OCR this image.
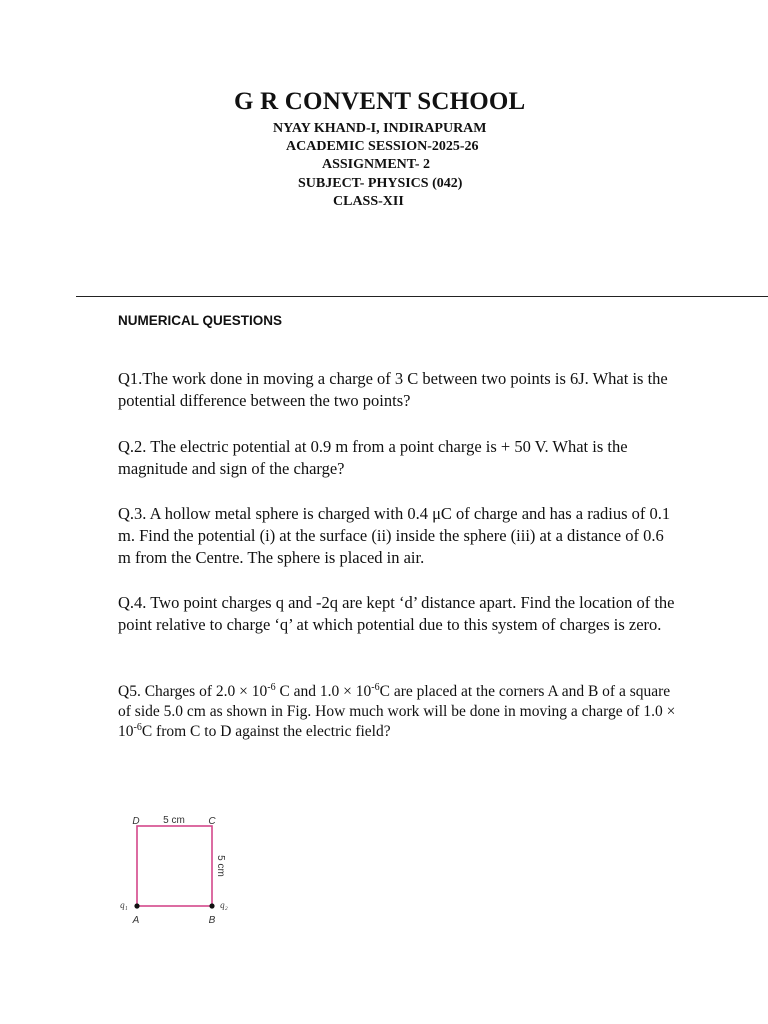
G R CONVENT SCHOOL
NYAY KHAND-I, INDIRAPURAM
ACADEMIC SESSION-2025-26
ASSIGNMENT- 2
SUBJECT- PHYSICS (042)
CLASS-XII
NUMERICAL QUESTIONS
Q1.The work done in moving a charge of 3 C between two points is 6J. What is the potential difference between the two points?
Q.2. The electric potential at 0.9 m from a point charge is + 50 V. What is the magnitude and sign of the charge?
Q.3. A hollow metal sphere is charged with 0.4 μC of charge and has a radius of 0.1 m. Find the potential (i) at the surface (ii) inside the sphere (iii) at a distance of 0.6 m from the Centre. The sphere is placed in air.
Q.4. Two point charges q and -2q are kept ‘d’ distance apart. Find the location of the point relative to charge ‘q’ at which potential due to this system of charges is zero.
Q5. Charges of $2.0 \times 10^{-6}$ C and $1.0 \times 10^{-6}C$ are placed at the corners A and B of a square of side 5.0 cm as shown in Fig. How much work will be done in moving a charge of $1.0 \times 10^{-6}C$ from C to D against the electric field?
D	C
5 cm
5 cm
A	B
q₁	q₂
